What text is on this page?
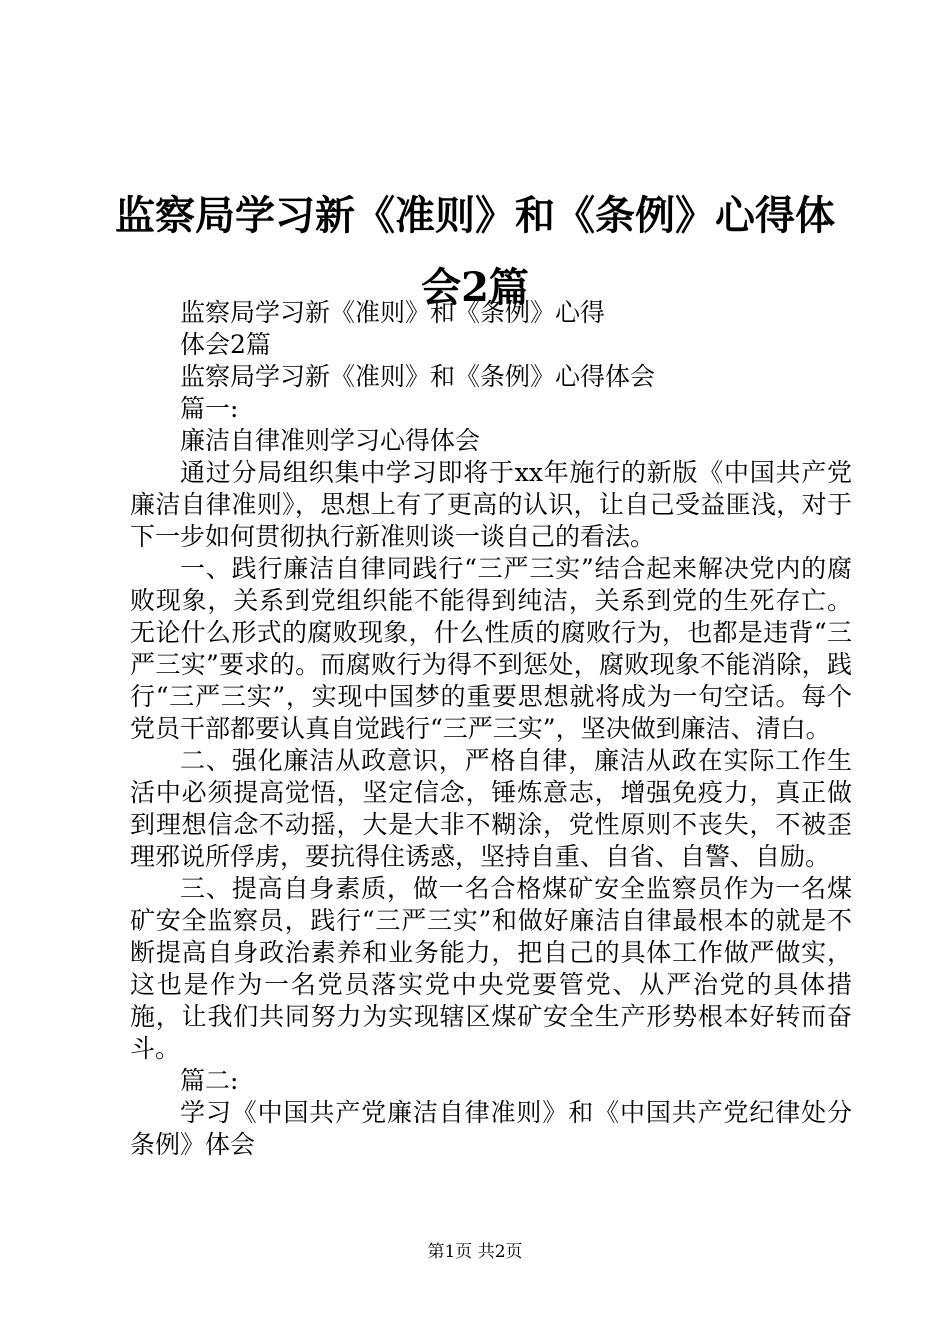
监察局学习新《准则》和《条例》心得体会2篇

监察局学习新《准则》和《条例》心得

体会2篇

监察局学习新《准则》和《条例》心得体会

篇一:

廉洁自律准则学习心得体会

通过分局组织集中学习即将于xx年施行的新版《中国共产党廉洁自律准则》，思想上有了更高的认识，让自己受益匪浅，对于下一步如何贯彻执行新准则谈一谈自己的看法。

一、践行廉洁自律同践行“三严三实”结合起来解决党内的腐败现象，关系到党组织能不能得到纯洁，关系到党的生死存亡。无论什么形式的腐败现象，什么性质的腐败行为，也都是违背“三严三实”要求的。而腐败行为得不到惩处，腐败现象不能消除，践行“三严三实”，实现中国梦的重要思想就将成为一句空话。每个党员干部都要认真自觉践行“三严三实”，坚决做到廉洁、清白。

二、强化廉洁从政意识，严格自律，廉洁从政在实际工作生活中必须提高觉悟，坚定信念，锤炼意志，增强免疫力，真正做到理想信念不动摇，大是大非不糊涂，党性原则不丧失，不被歪理邪说所俘虏，要抗得住诱惑，坚持自重、自省、自警、自励。

三、提高自身素质，做一名合格煤矿安全监察员作为一名煤矿安全监察员，践行“三严三实”和做好廉洁自律最根本的就是不断提高自身政治素养和业务能力，把自己的具体工作做严做实，这也是作为一名党员落实党中央党要管党、从严治党的具体措施，让我们共同努力为实现辖区煤矿安全生产形势根本好转而奋斗。

篇二:

学习《中国共产党廉洁自律准则》和《中国共产党纪律处分条例》体会

第1页 共2页
